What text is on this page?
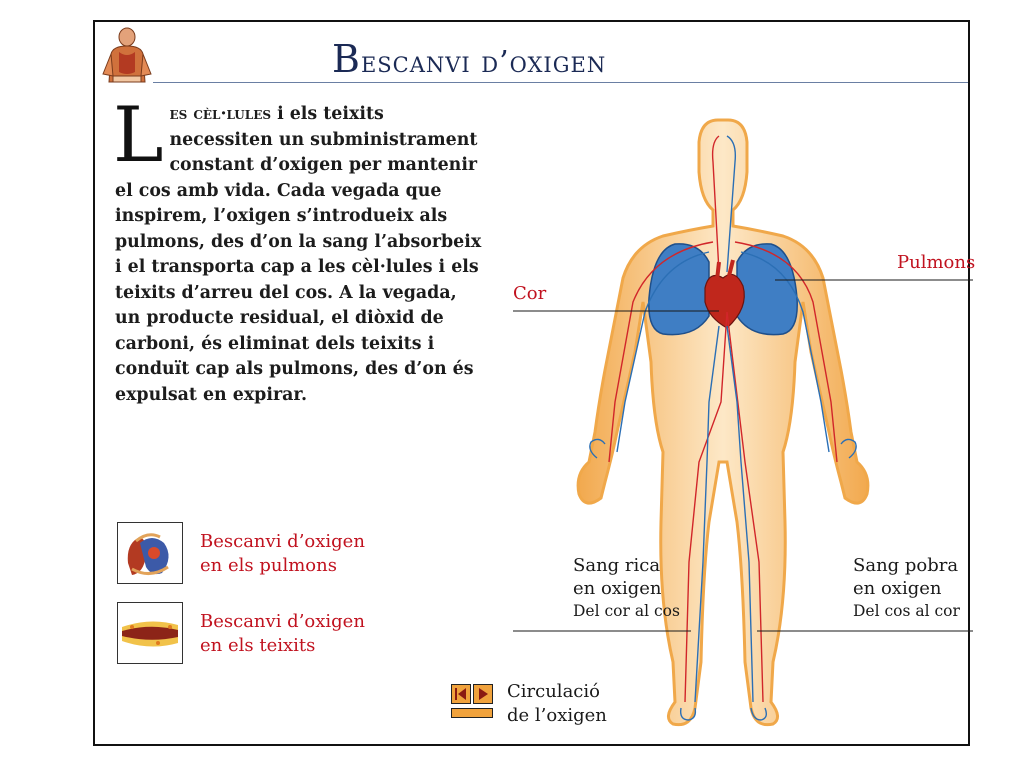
Bescanvi d’oxigen
Les cèl·lules i els teixits necessiten un subministrament constant d’oxigen per mantenir el cos amb vida. Cada vegada que inspirem, l’oxigen s’introdueix als pulmons, des d’on la sang l’absorbeix i el transporta cap a les cèl·lules i els teixits d’arreu del cos. A la vegada, un producte residual, el diòxid de carboni, és eliminat dels teixits i conduït cap als pulmons, des d’on és expulsat en expirar.
Bescanvi d’oxigen
en els pulmons
Bescanvi d’oxigen
en els teixits
Pulmons
Cor
Sang rica
en oxigen
Del cor al cos
Sang pobra
en oxigen
Del cos al cor
Circulació
de l’oxigen
